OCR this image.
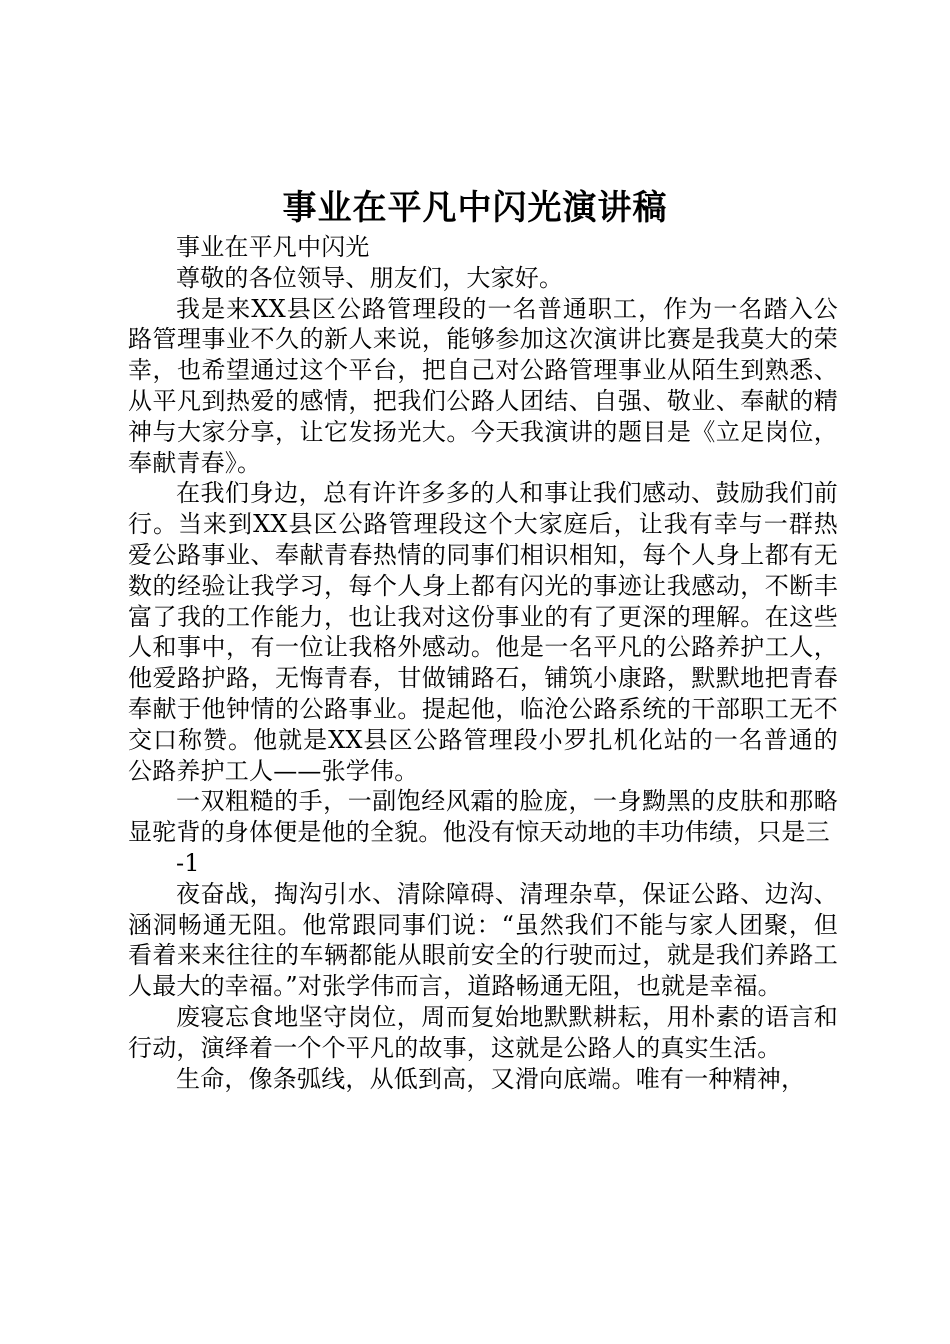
事业在平凡中闪光演讲稿

事业在平凡中闪光

尊敬的各位领导、朋友们，大家好。

我是来XX县区公路管理段的一名普通职工，作为一名踏入公路管理事业不久的新人来说，能够参加这次演讲比赛是我莫大的荣幸，也希望通过这个平台，把自己对公路管理事业从陌生到熟悉、从平凡到热爱的感情，把我们公路人团结、自强、敬业、奉献的精神与大家分享，让它发扬光大。今天我演讲的题目是《立足岗位，奉献青春》。

在我们身边，总有许许多多的人和事让我们感动、鼓励我们前行。当来到XX县区公路管理段这个大家庭后，让我有幸与一群热爱公路事业、奉献青春热情的同事们相识相知，每个人身上都有无数的经验让我学习，每个人身上都有闪光的事迹让我感动，不断丰富了我的工作能力，也让我对这份事业的有了更深的理解。在这些人和事中，有一位让我格外感动。他是一名平凡的公路养护工人，他爱路护路，无悔青春，甘做铺路石，铺筑小康路，默默地把青春奉献于他钟情的公路事业。提起他，临沧公路系统的干部职工无不交口称赞。他就是XX县区公路管理段小罗扎机化站的一名普通的公路养护工人——张学伟。

一双粗糙的手，一副饱经风霜的脸庞，一身黝黑的皮肤和那略显驼背的身体便是他的全貌。他没有惊天动地的丰功伟绩，只是三

-1

夜奋战，掏沟引水、清除障碍、清理杂草，保证公路、边沟、涵洞畅通无阻。他常跟同事们说：“虽然我们不能与家人团聚，但看着来来往往的车辆都能从眼前安全的行驶而过，就是我们养路工人最大的幸福。”对张学伟而言，道路畅通无阻，也就是幸福。

废寝忘食地坚守岗位，周而复始地默默耕耘，用朴素的语言和行动，演绎着一个个平凡的故事，这就是公路人的真实生活。

生命，像条弧线，从低到高，又滑向底端。唯有一种精神，
